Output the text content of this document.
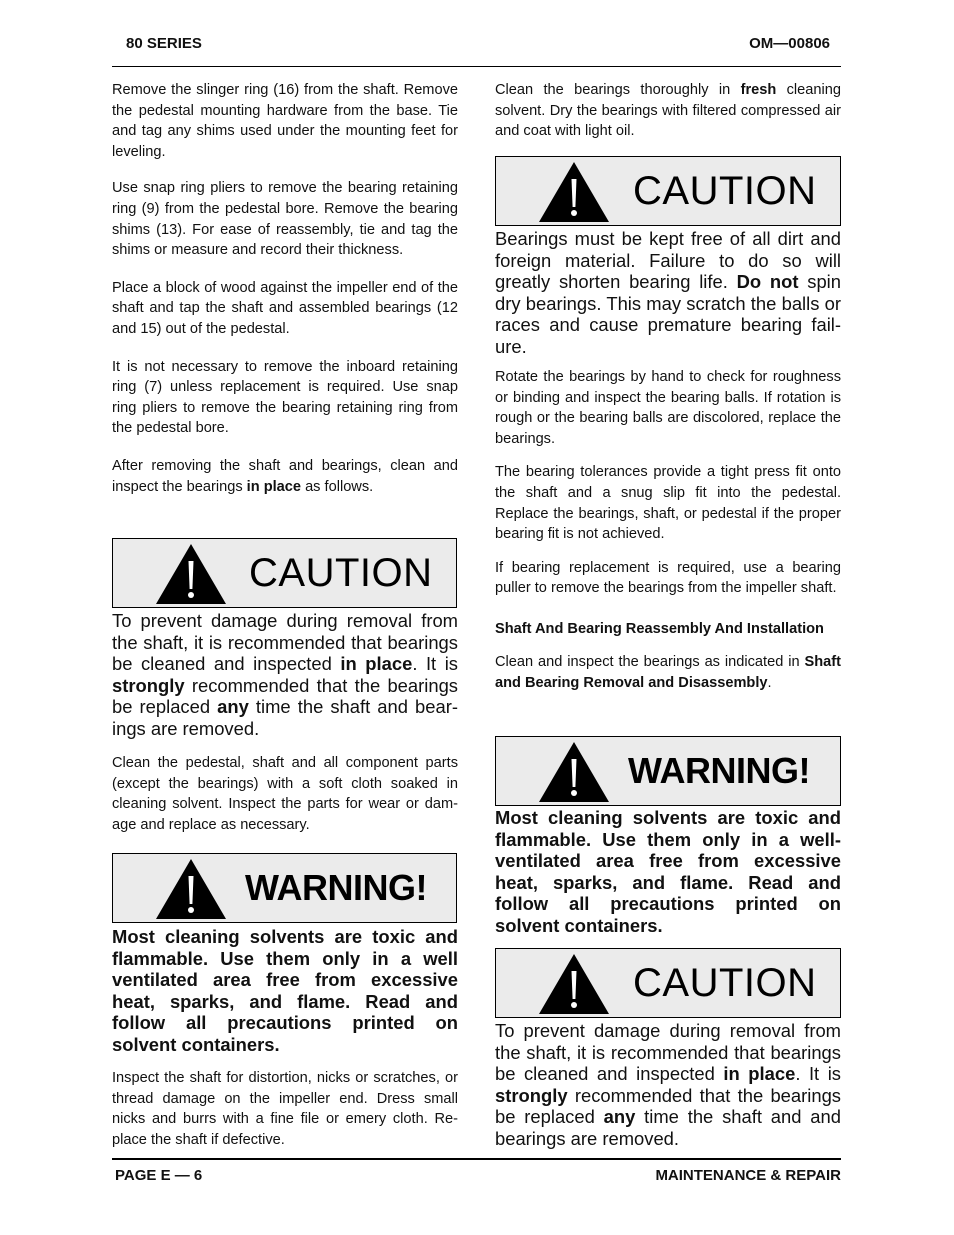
80 SERIES	OM—00806

Remove the slinger ring (16) from the shaft. Remove the pedestal mounting hardware from the base. Tie and tag any shims used under the mounting feet for leveling.

Use snap ring pliers to remove the bearing retaining ring (9) from the pedestal bore. Remove the bearing shims (13). For ease of reassembly, tie and tag the shims or measure and record their thickness.

Place a block of wood against the impeller end of the shaft and tap the shaft and assembled bearings (12 and 15) out of the pedestal.

It is not necessary to remove the inboard retaining ring (7) unless replacement is required. Use snap ring pliers to remove the bearing retaining ring from the pedestal bore.

After removing the shaft and bearings, clean and inspect the bearings in place as follows.

CAUTION

To prevent damage during removal from the shaft, it is recommended that bearings be cleaned and inspected in place. It is strongly recommended that the bearings be replaced any time the shaft and bearings are removed.

Clean the pedestal, shaft and all component parts (except the bearings) with a soft cloth soaked in cleaning solvent. Inspect the parts for wear or damage and replace as necessary.

WARNING!

Most cleaning solvents are toxic and flammable. Use them only in a well ventilated area free from excessive heat, sparks, and flame. Read and follow all precautions printed on solvent containers.

Inspect the shaft for distortion, nicks or scratches, or thread damage on the impeller end. Dress small nicks and burrs with a fine file or emery cloth. Replace the shaft if defective.

Clean the bearings thoroughly in fresh cleaning solvent. Dry the bearings with filtered compressed air and coat with light oil.

CAUTION

Bearings must be kept free of all dirt and foreign material. Failure to do so will greatly shorten bearing life. Do not spin dry bearings. This may scratch the balls or races and cause premature bearing failure.

Rotate the bearings by hand to check for roughness or binding and inspect the bearing balls. If rotation is rough or the bearing balls are discolored, replace the bearings.

The bearing tolerances provide a tight press fit onto the shaft and a snug slip fit into the pedestal. Replace the bearings, shaft, or pedestal if the proper bearing fit is not achieved.

If bearing replacement is required, use a bearing puller to remove the bearings from the impeller shaft.

Shaft And Bearing Reassembly And Installation

Clean and inspect the bearings as indicated in Shaft and Bearing Removal and Disassembly.

WARNING!

Most cleaning solvents are toxic and flammable. Use them only in a well-ventilated area free from excessive heat, sparks, and flame. Read and follow all precautions printed on solvent containers.

CAUTION

To prevent damage during removal from the shaft, it is recommended that bearings be cleaned and inspected in place. It is strongly recommended that the bearings be replaced any time the shaft and and bearings are removed.

PAGE E — 6	MAINTENANCE & REPAIR
